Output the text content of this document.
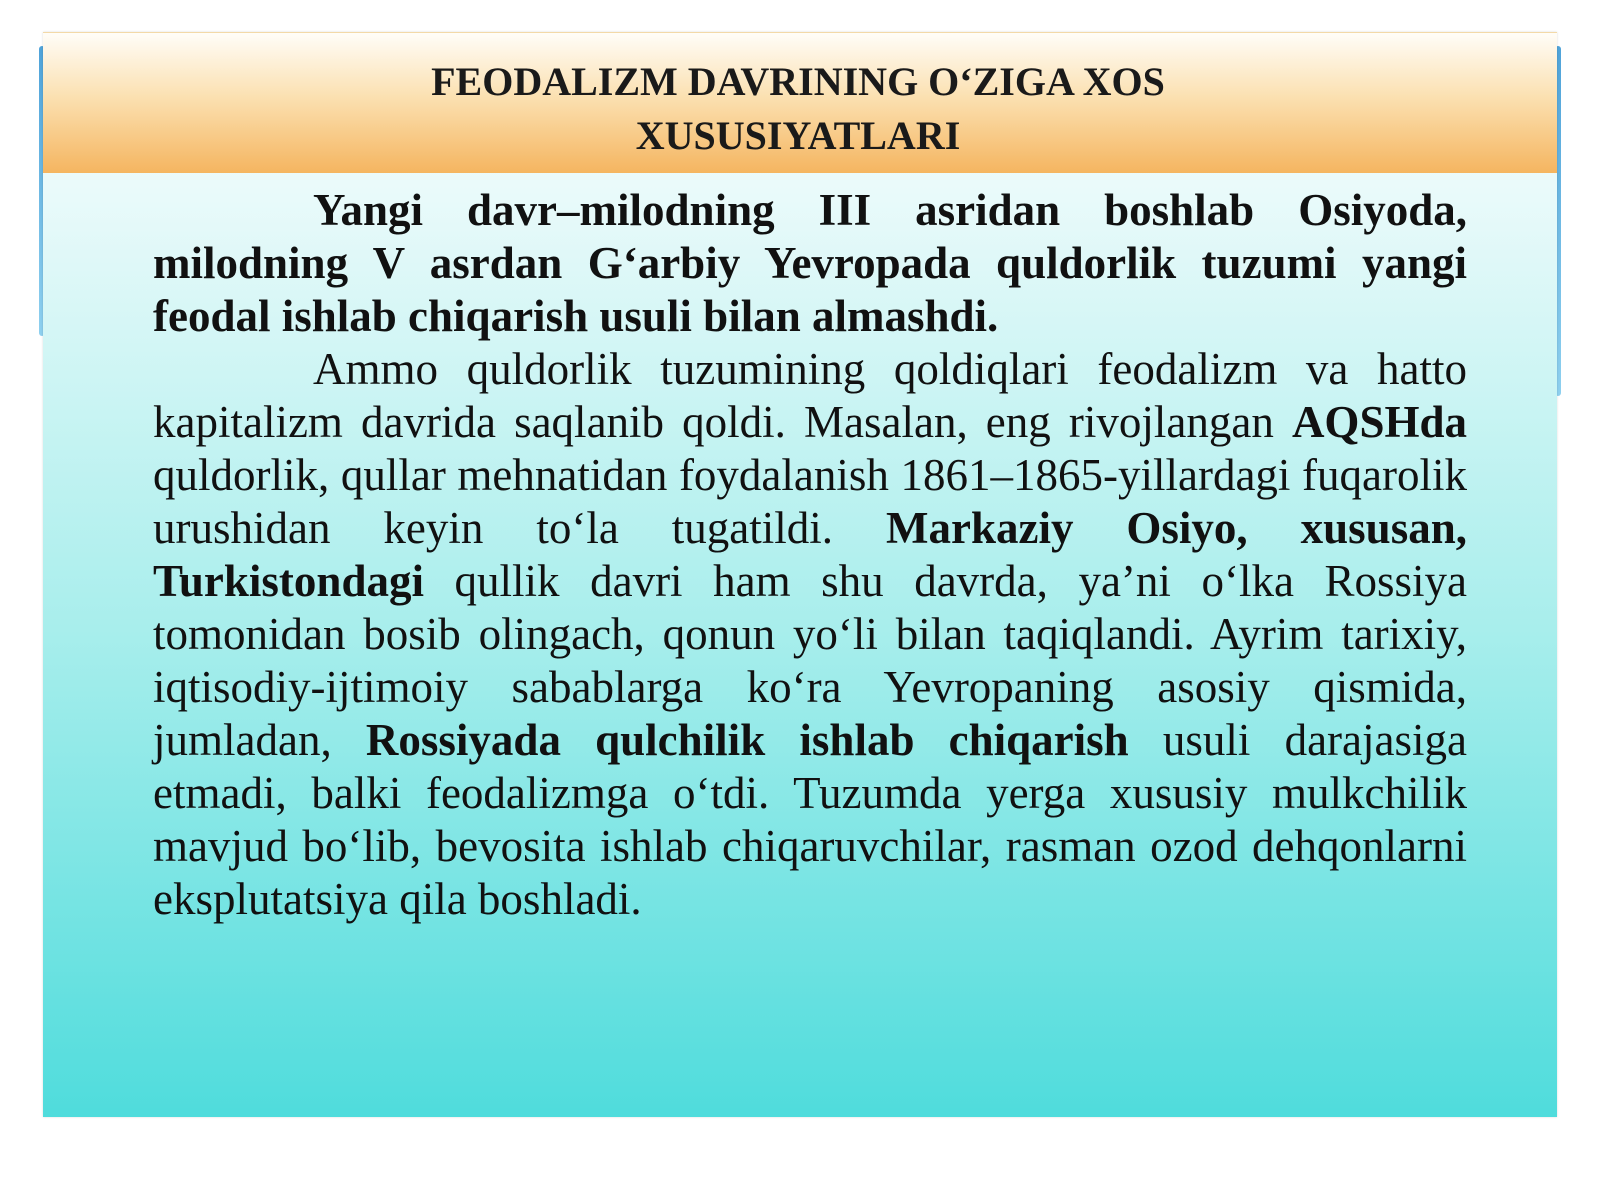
FEODALIZM DAVRINING O‘ZIGA XOS XUSUSIYATLARI

Yangi davr–milodning III asridan boshlab Osiyoda, milodning V asrdan G‘arbiy Yevropada quldorlik tuzumi yangi feodal ishlab chiqarish usuli bilan almashdi.

Ammo quldorlik tuzumining qoldiqlari feodalizm va hatto kapitalizm davrida saqlanib qoldi. Masalan, eng rivojlangan AQSHda quldorlik, qullar mehnatidan foydalanish 1861–1865-yillardagi fuqarolik urushidan keyin to‘la tugatildi. Markaziy Osiyo, xususan, Turkistondagi qullik davri ham shu davrda, ya’ni o‘lka Rossiya tomonidan bosib olingach, qonun yo‘li bilan taqiqlandi. Ayrim tarixiy, iqtisodiy-ijtimoiy sabablarga ko‘ra Yevropaning asosiy qismida, jumladan, Rossiyada qulchilik ishlab chiqarish usuli darajasiga etmadi, balki feodalizmga o‘tdi. Tuzumda yerga xususiy mulkchilik mavjud bo‘lib, bevosita ishlab chiqaruvchilar, rasman ozod dehqonlarni eksplutatsiya qila boshladi.
